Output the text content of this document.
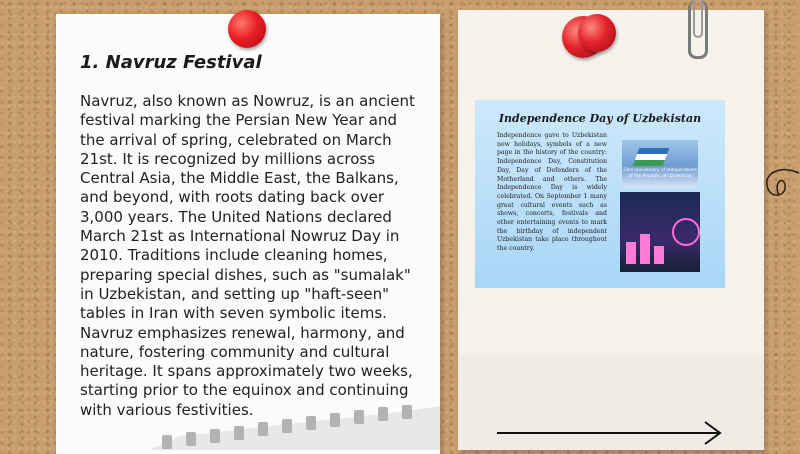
1. Navruz Festival
Navruz, also known as Nowruz, is an ancient festival marking the Persian New Year and the arrival of spring, celebrated on March 21st. It is recognized by millions across Central Asia, the Middle East, the Balkans, and beyond, with roots dating back over 3,000 years. The United Nations declared March 21st as International Nowruz Day in 2010. Traditions include cleaning homes, preparing special dishes, such as "sumalak" in Uzbekistan, and setting up "haft-seen" tables in Iran with seven symbolic items. Navruz emphasizes renewal, harmony, and nature, fostering community and cultural heritage. It spans approximately two weeks, starting prior to the equinox and continuing with various festivities.
Independence Day of Uzbekistan
Independence gave to Uzbekistan new holidays, symbols of a new page in the history of the country: Independence Day, Constitution Day, Day of Defenders of the Motherland and others. The Independence Day is widely celebrated. On September 1 many great cultural events such as shows, concerts, festivals and other entertaining events to mark the birthday of independent Uzbekistan take place throughout the country.
23rd anniversary of Independence of the Republic of Uzbekistan
